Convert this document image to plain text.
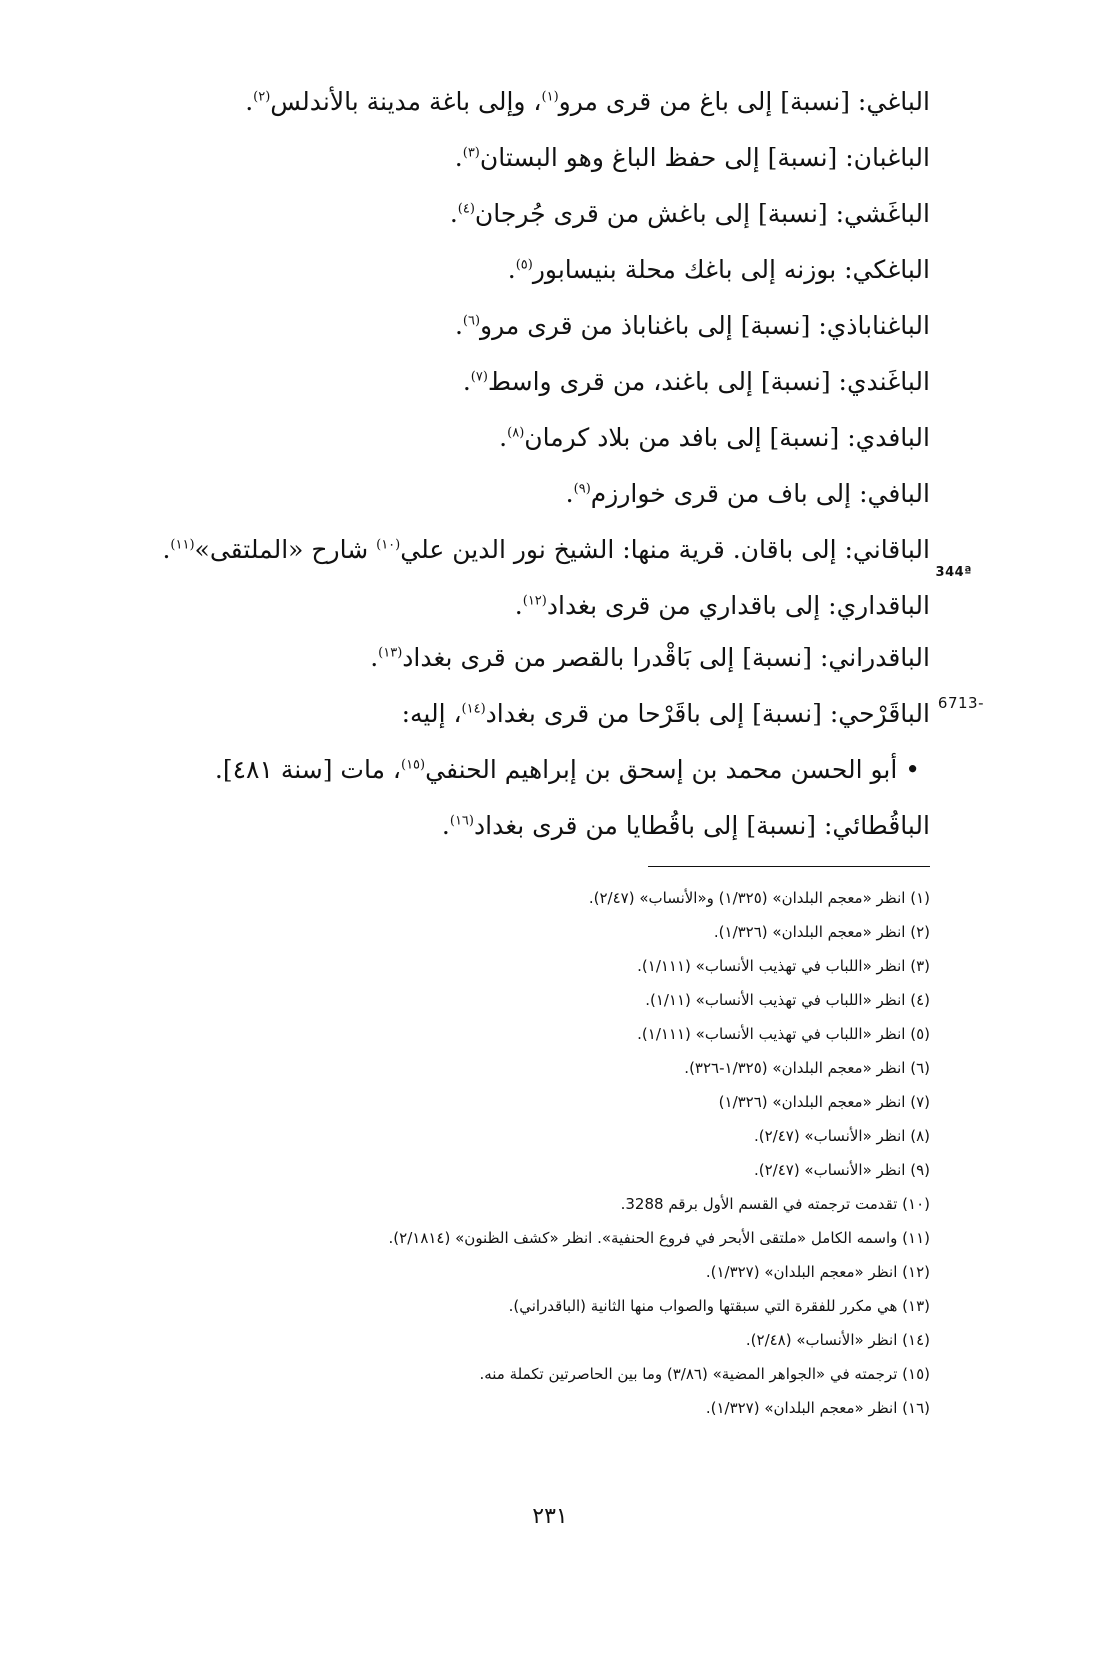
الباغي: [نسبة] إلى باغ من قرى مرو$^{(١)}$، وإلى باغة مدينة بالأندلس$^{(٢)}$.
الباغبان: [نسبة] إلى حفظ الباغ وهو البستان$^{(٣)}$.
الباغَشي: [نسبة] إلى باغش من قرى جُرجان$^{(٤)}$.
الباغكي: بوزنه إلى باغك محلة بنيسابور$^{(٥)}$.
الباغناباذي: [نسبة] إلى باغناباذ من قرى مرو$^{(٦)}$.
الباغَندي: [نسبة] إلى باغند، من قرى واسط$^{(٧)}$.
البافدي: [نسبة] إلى بافد من بلاد كرمان$^{(٨)}$.
البافي: إلى باف من قرى خوارزم$^{(٩)}$.
الباقاني: إلى باقان. قرية منها: الشيخ نور الدين علي$^{(١٠)}$ شارح «الملتقى»$^{(١١)}$.
الباقداري: إلى باقداري من قرى بغداد$^{(١٢)}$.
الباقدراني: [نسبة] إلى بَاقْدرا بالقصر من قرى بغداد$^{(١٣)}$.
الباقَرْحي: [نسبة] إلى باقَرْحا من قرى بغداد$^{(١٤)}$، إليه:
• أبو الحسن محمد بن إسحق بن إبراهيم الحنفي$^{(١٥)}$، مات [سنة ٤٨١].
الباقُطائي: [نسبة] إلى باقُطايا من قرى بغداد$^{(١٦)}$.
344ª
6713-
(١) انظر «معجم البلدان» (١/٣٢٥) و«الأنساب» (٢/٤٧).
(٢) انظر «معجم البلدان» (١/٣٢٦).
(٣) انظر «اللباب في تهذيب الأنساب» (١/١١١).
(٤) انظر «اللباب في تهذيب الأنساب» (١/١١).
(٥) انظر «اللباب في تهذيب الأنساب» (١/١١١).
(٦) انظر «معجم البلدان» (١/٣٢٥-٣٢٦).
(٧) انظر «معجم البلدان» (١/٣٢٦)
(٨) انظر «الأنساب» (٢/٤٧).
(٩) انظر «الأنساب» (٢/٤٧).
(١٠) تقدمت ترجمته في القسم الأول برقم 3288.
(١١) واسمه الكامل «ملتقى الأبحر في فروع الحنفية». انظر «كشف الظنون» (٢/١٨١٤).
(١٢) انظر «معجم البلدان» (١/٣٢٧).
(١٣) هي مكرر للفقرة التي سبقتها والصواب منها الثانية (الباقدراني).
(١٤) انظر «الأنساب» (٢/٤٨).
(١٥) ترجمته في «الجواهر المضية» (٣/٨٦) وما بين الحاصرتين تكملة منه.
(١٦) انظر «معجم البلدان» (١/٣٢٧).
٢٣١
